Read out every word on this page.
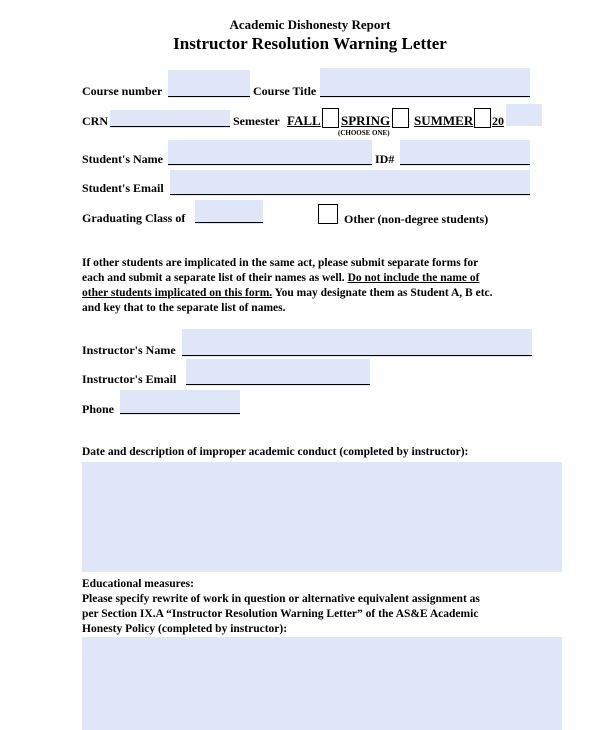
Academic Dishonesty Report
Instructor Resolution Warning Letter
Course number	Course Title
CRN	Semester FALL SPRING SUMMER 20
(CHOOSE ONE)
Student's Name	ID#
Student's Email
Graduating Class of	Other (non-degree students)
If other students are implicated in the same act, please submit separate forms for
each and submit a separate list of their names as well. Do not include the name of
other students implicated on this form. You may designate them as Student A, B etc.
and key that to the separate list of names.
Instructor's Name
Instructor's Email
Phone
Date and description of improper academic conduct (completed by instructor):
Educational measures:
Please specify rewrite of work in question or alternative equivalent assignment as
per Section IX.A “Instructor Resolution Warning Letter” of the AS&E Academic
Honesty Policy (completed by instructor):
